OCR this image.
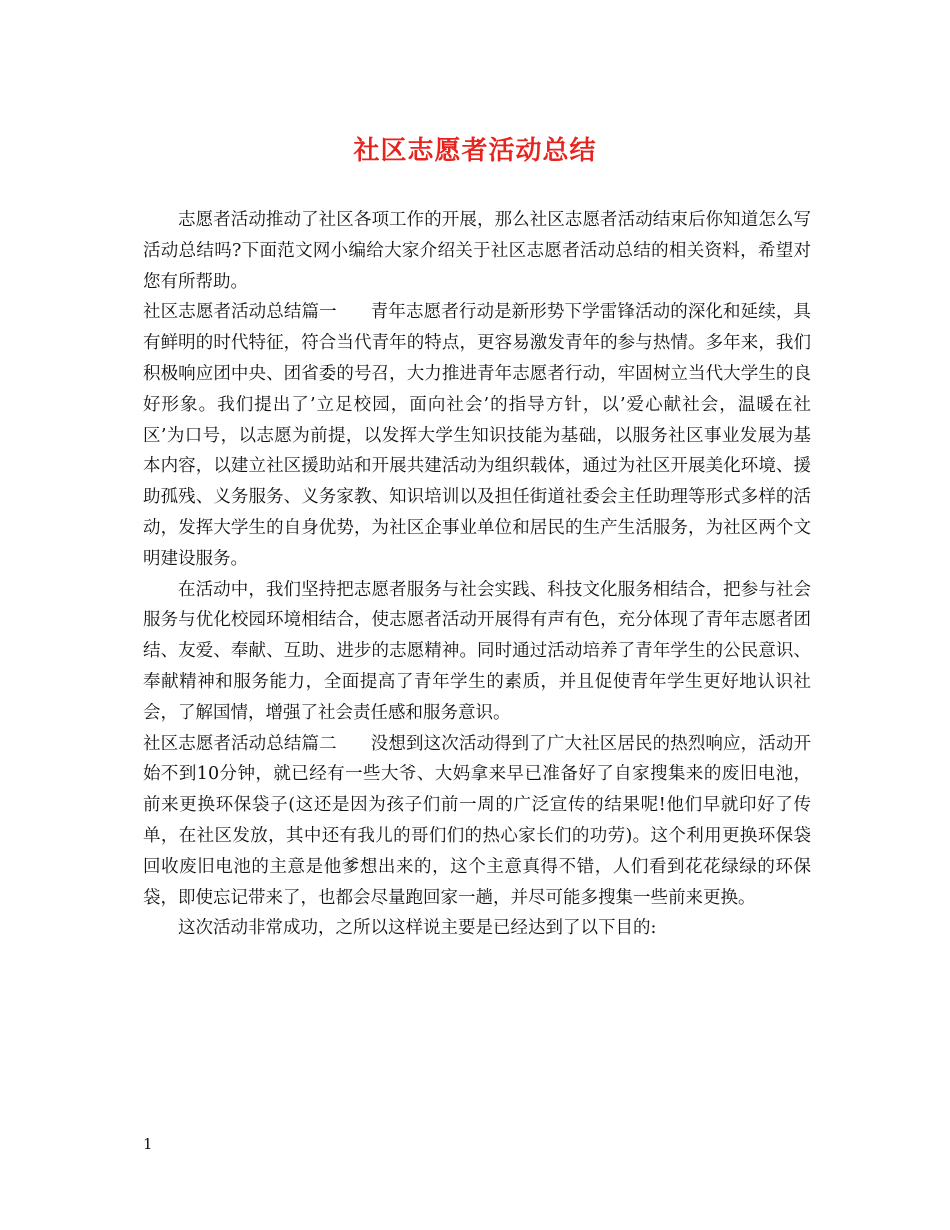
社区志愿者活动总结

志愿者活动推动了社区各项工作的开展，那么社区志愿者活动结束后你知道怎么写活动总结吗?下面范文网小编给大家介绍关于社区志愿者活动总结的相关资料，希望对您有所帮助。

社区志愿者活动总结篇一 青年志愿者行动是新形势下学雷锋活动的深化和延续，具有鲜明的时代特征，符合当代青年的特点，更容易激发青年的参与热情。多年来，我们积极响应团中央、团省委的号召，大力推进青年志愿者行动，牢固树立当代大学生的良好形象。我们提出了’立足校园，面向社会’的指导方针，以’爱心献社会，温暖在社区’为口号，以志愿为前提，以发挥大学生知识技能为基础，以服务社区事业发展为基本内容，以建立社区援助站和开展共建活动为组织载体，通过为社区开展美化环境、援助孤残、义务服务、义务家教、知识培训以及担任街道社委会主任助理等形式多样的活动，发挥大学生的自身优势，为社区企事业单位和居民的生产生活服务，为社区两个文明建设服务。

在活动中，我们坚持把志愿者服务与社会实践、科技文化服务相结合，把参与社会服务与优化校园环境相结合，使志愿者活动开展得有声有色，充分体现了青年志愿者团结、友爱、奉献、互助、进步的志愿精神。同时通过活动培养了青年学生的公民意识、奉献精神和服务能力，全面提高了青年学生的素质，并且促使青年学生更好地认识社会，了解国情，增强了社会责任感和服务意识。

社区志愿者活动总结篇二 没想到这次活动得到了广大社区居民的热烈响应，活动开始不到10分钟，就已经有一些大爷、大妈拿来早已准备好了自家搜集来的废旧电池，前来更换环保袋子(这还是因为孩子们前一周的广泛宣传的结果呢!他们早就印好了传单，在社区发放，其中还有我儿的哥们们的热心家长们的功劳)。这个利用更换环保袋回收废旧电池的主意是他爹想出来的，这个主意真得不错，人们看到花花绿绿的环保袋，即使忘记带来了，也都会尽量跑回家一趟，并尽可能多搜集一些前来更换。

这次活动非常成功，之所以这样说主要是已经达到了以下目的:

1
